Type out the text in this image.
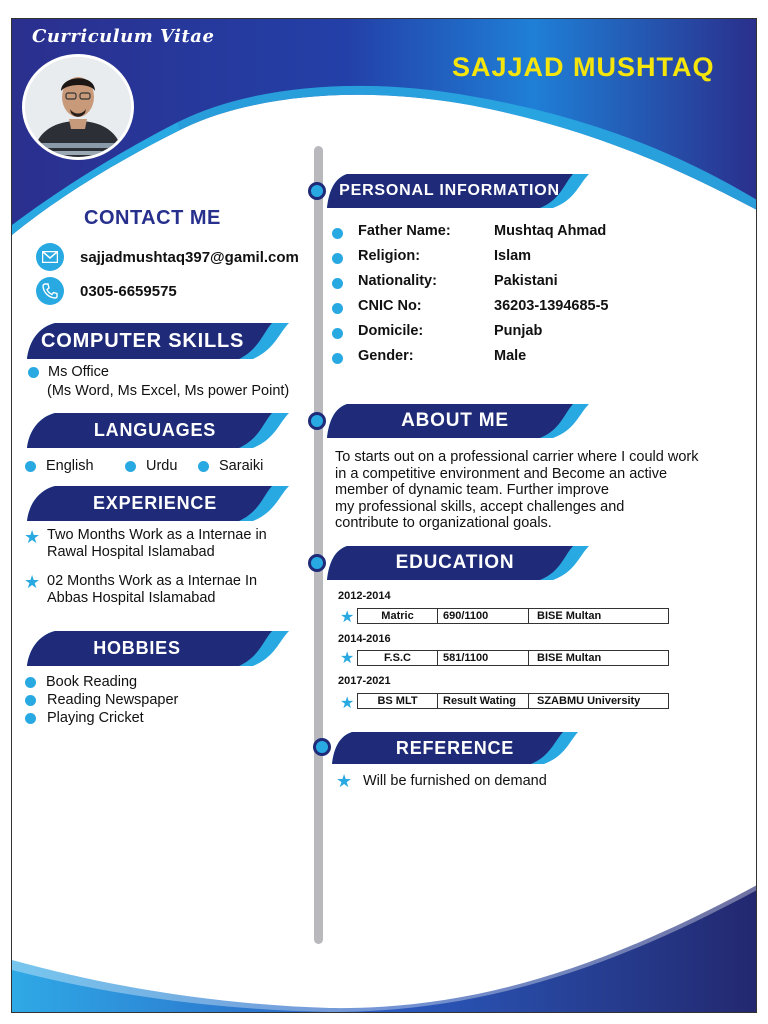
Curriculum Vitae
SAJJAD MUSHTAQ
CONTACT ME
sajjadmushtaq397@gamil.com
0305-6659575
COMPUTER SKILLS
Ms Office
(Ms Word, Ms Excel, Ms power Point)
LANGUAGES
English	Urdu	Saraiki
EXPERIENCE
★ Two Months Work as a Internae in
Rawal Hospital Islamabad
★ 02 Months Work as a Internae In
Abbas Hospital Islamabad
HOBBIES
Book Reading
Reading Newspaper
Playing Cricket
PERSONAL INFORMATION
ABOUT ME
EDUCATION
REFERENCE
Father Name:	Mushtaq Ahmad
Religion:	Islam
Nationality:	Pakistani
CNIC No:	36203-1394685-5
Domicile:	Punjab
Gender:	Male
To starts out on a professional carrier where I could work
in a competitive environment and Become an active
member of dynamic team. Further improve
my professional skills, accept challenges and
contribute to organizational goals.
2012-2014
★	Matric	690/1100	BISE Multan
2014-2016
★	F.S.C	581/1100	BISE Multan
2017-2021
★	BS MLT	Result Wating	SZABMU University
★ Will be furnished on demand
